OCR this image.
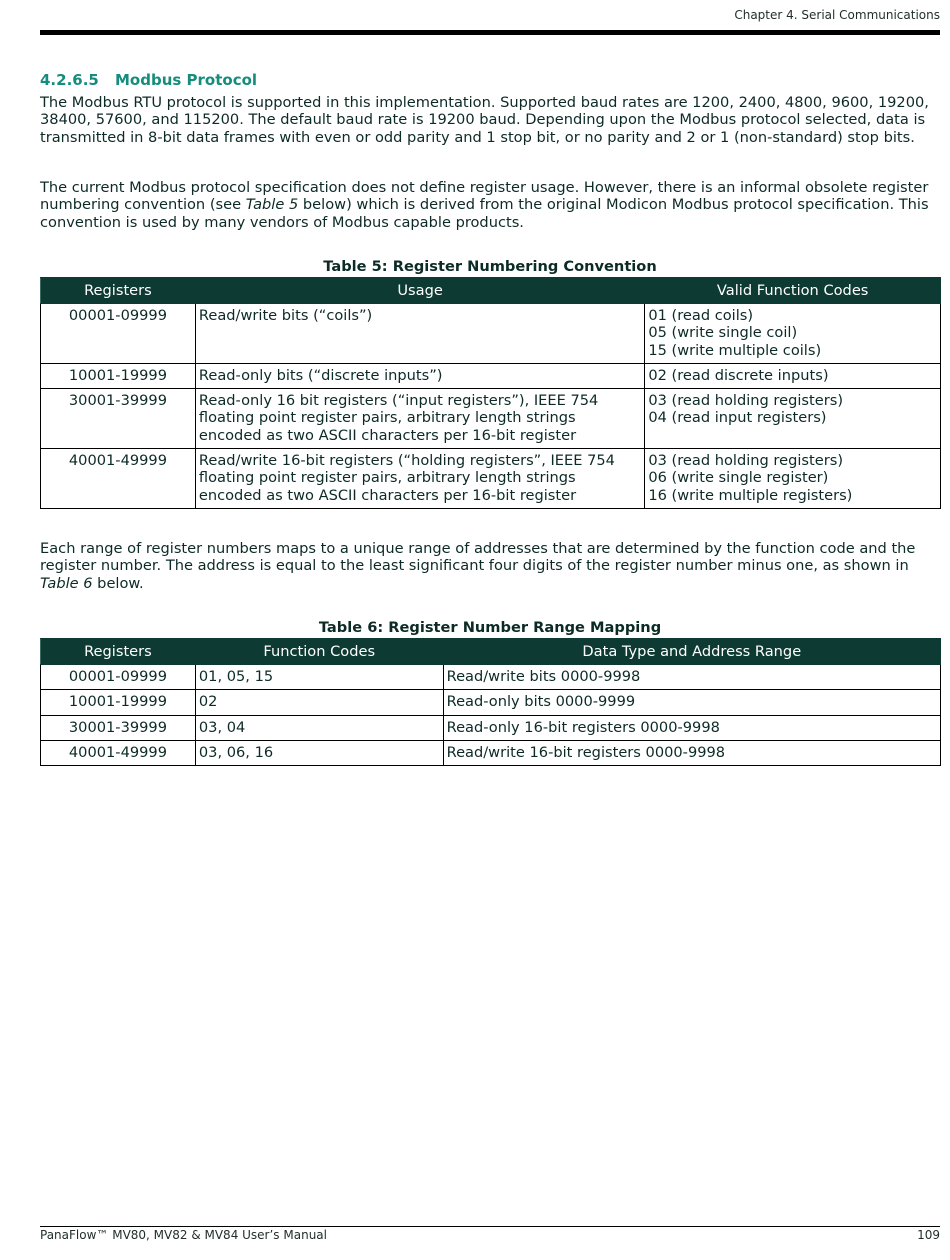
Chapter 4. Serial Communications
4.2.6.5 Modbus Protocol

The Modbus RTU protocol is supported in this implementation. Supported baud rates are 1200, 2400, 4800, 9600, 19200, 38400, 57600, and 115200. The default baud rate is 19200 baud. Depending upon the Modbus protocol selected, data is transmitted in 8-bit data frames with even or odd parity and 1 stop bit, or no parity and 2 or 1 (non-standard) stop bits.

The current Modbus protocol specification does not define register usage. However, there is an informal obsolete register numbering convention (see Table 5 below) which is derived from the original Modicon Modbus protocol specification. This convention is used by many vendors of Modbus capable products.

Table 5: Register Numbering Convention

Registers	Usage	Valid Function Codes
00001-09999	Read/write bits (“coils”)	01 (read coils)
05 (write single coil)
15 (write multiple coils)

10001-19999	Read-only bits (“discrete inputs”)	02 (read discrete inputs)

30001-39999	Read-only 16 bit registers (“input registers”), IEEE 754
floating point register pairs, arbitrary length strings
encoded as two ASCII characters per 16-bit register	03 (read holding registers)
04 (read input registers)

40001-49999	Read/write 16-bit registers (“holding registers”, IEEE 754
floating point register pairs, arbitrary length strings
encoded as two ASCII characters per 16-bit register	03 (read holding registers)
06 (write single register)
16 (write multiple registers)

Each range of register numbers maps to a unique range of addresses that are determined by the function code and the register number. The address is equal to the least significant four digits of the register number minus one, as shown in Table 6 below.

Table 6: Register Number Range Mapping

Registers	Function Codes	Data Type and Address Range
00001-09999	01, 05, 15	Read/write bits 0000-9998
10001-19999	02	Read-only bits 0000-9999
30001-39999	03, 04	Read-only 16-bit registers 0000-9998
40001-49999	03, 06, 16	Read/write 16-bit registers 0000-9998
PanaFlow™ MV80, MV82 & MV84 User’s Manual	109
